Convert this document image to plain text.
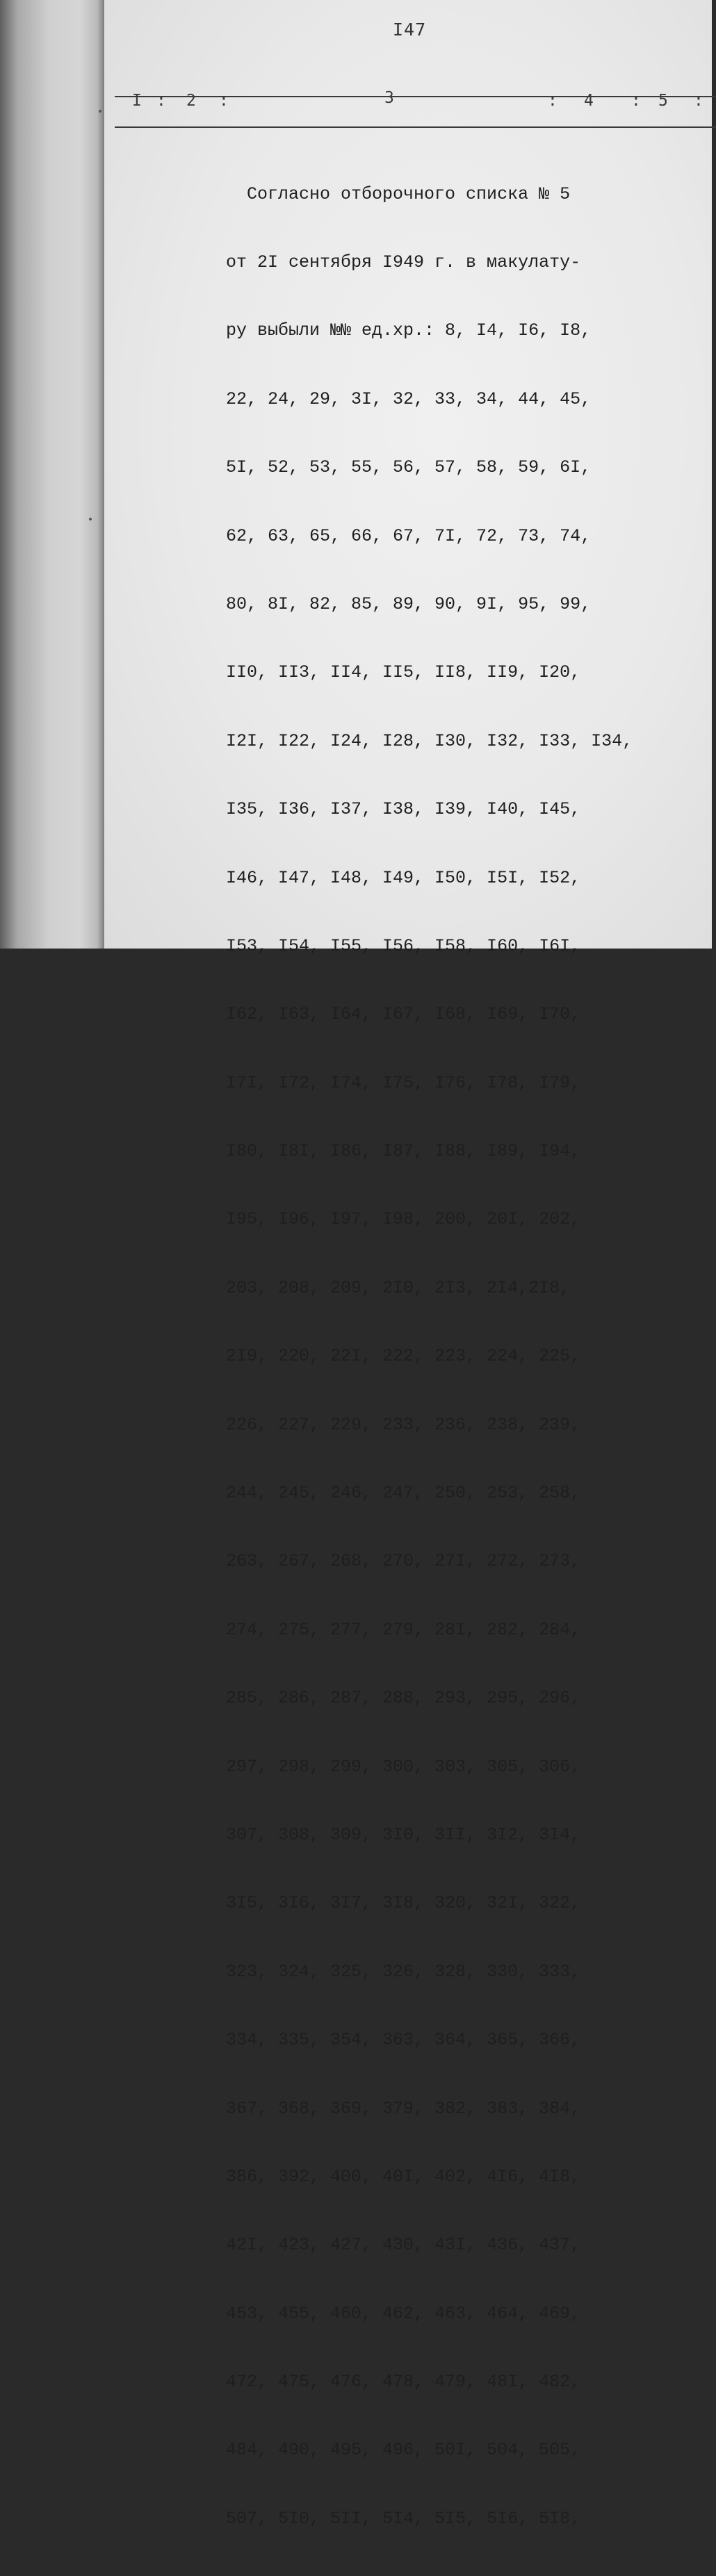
I47
I : 2 :	3	: 4 : 5 :

Согласно отборочного списка № 5

от 2I сентября I949 г. в макулату-

ру выбыли №№ ед.хр.: 8, I4, I6, I8,

22, 24, 29, 3I, 32, 33, 34, 44, 45,

5I, 52, 53, 55, 56, 57, 58, 59, 6I,

62, 63, 65, 66, 67, 7I, 72, 73, 74,

80, 8I, 82, 85, 89, 90, 9I, 95, 99,

II0, II3, II4, II5, II8, II9, I20,

I2I, I22, I24, I28, I30, I32, I33, I34,

I35, I36, I37, I38, I39, I40, I45,

I46, I47, I48, I49, I50, I5I, I52,

I53, I54, I55, I56, I58, I60, I6I,

I62, I63, I64, I67, I68, I69, I70,

I7I, I72, I74, I75, I76, I78, I79,

I80, I8I, I86, I87, I88, I89, I94,

I95, I96, I97, I98, 200, 20I, 202,

203, 208, 209, 2I0, 2I3, 2I4,2I8,

2I9, 220, 22I, 222, 223, 224, 225,

226, 227, 229, 233, 236, 238, 239,

244, 245, 246, 247, 250, 253, 258,

263, 267, 268, 270, 27I, 272, 273,

274, 275, 277, 279, 28I, 282, 284,

285, 286, 287, 288, 293, 295, 296,

297, 298, 299, 300, 303, 305, 306,

307, 308, 309, 3I0, 3II, 3I2, 3I4,

3I5, 3I6, 3I7, 3I8, 320, 32I, 322,

323, 324, 325, 326, 328, 330, 333,

334, 335, 354, 363, 364, 365, 366,

367, 368, 369, 379, 382, 383, 384,

386, 392, 400, 40I, 402, 4I6, 4I8,

42I, 423, 427, 430, 43I, 436, 437,

453, 455, 460, 462, 463, 464, 469,

472, 475, 476, 478, 479, 48I, 482,

484, 490, 495, 496, 50I, 504, 505,

507, 5I0, 5II, 5I4, 5I5, 5I6, 5I8,
